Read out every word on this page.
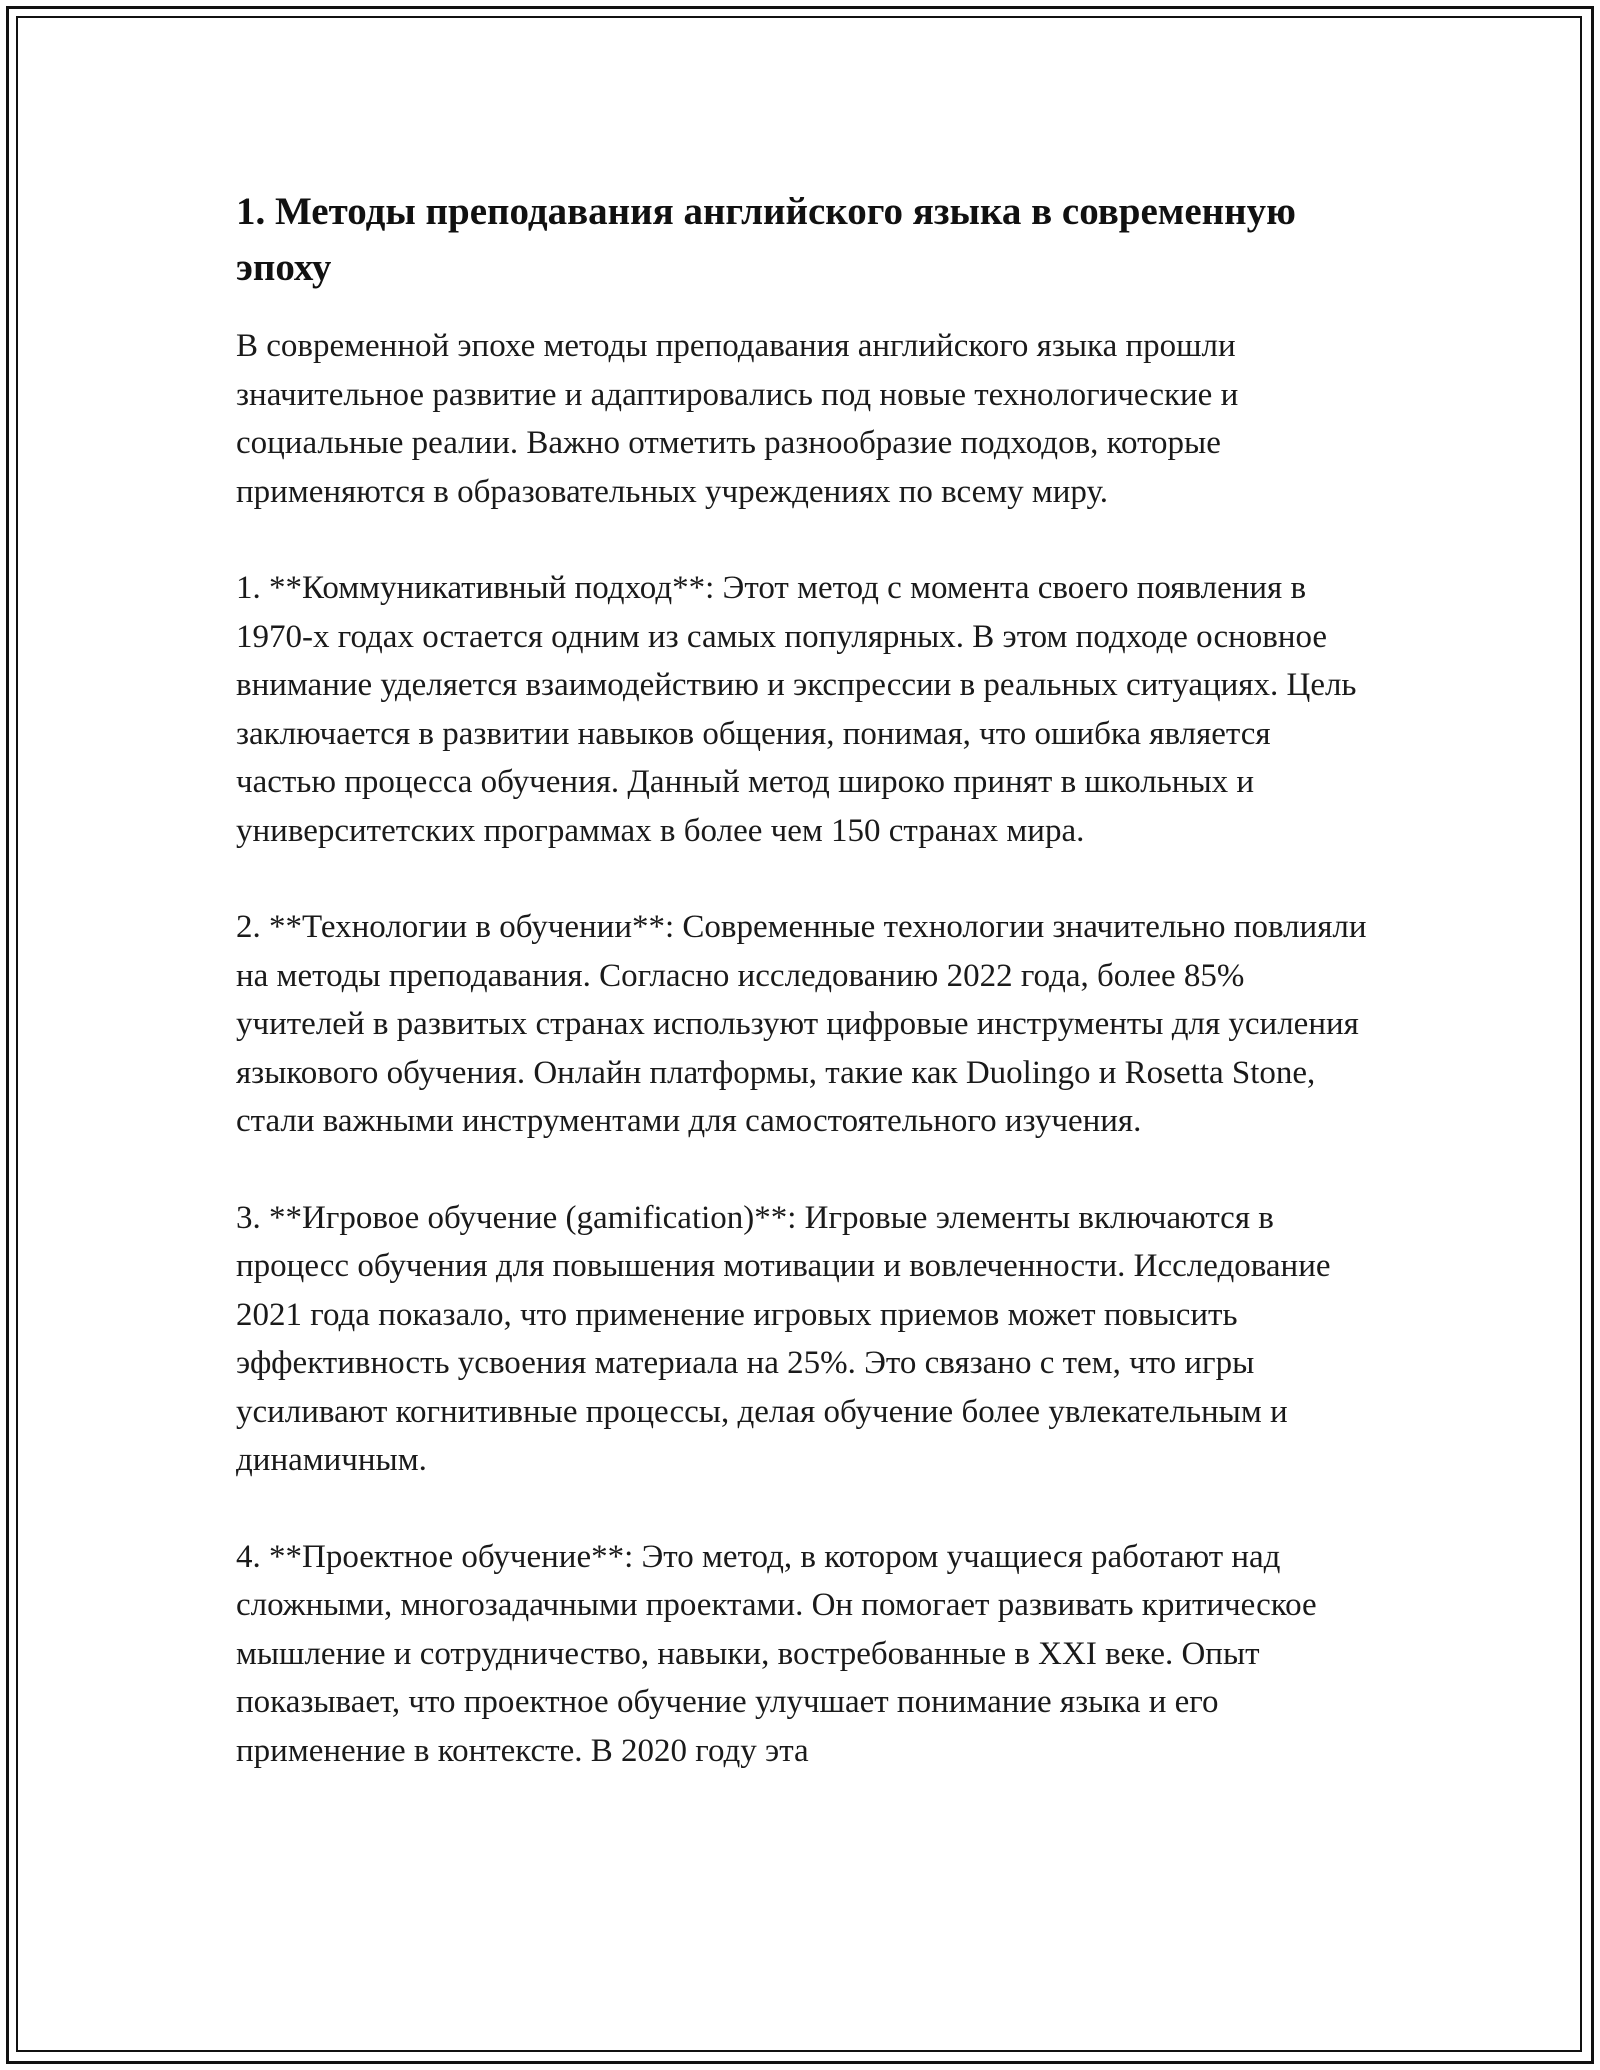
1. Методы преподавания английского языка в современную эпоху

В современной эпохе методы преподавания английского языка прошли значительное развитие и адаптировались под новые технологические и социальные реалии. Важно отметить разнообразие подходов, которые применяются в образовательных учреждениях по всему миру.

1. **Коммуникативный подход**: Этот метод с момента своего появления в 1970-х годах остается одним из самых популярных. В этом подходе основное внимание уделяется взаимодействию и экспрессии в реальных ситуациях. Цель заключается в развитии навыков общения, понимая, что ошибка является частью процесса обучения. Данный метод широко принят в школьных и университетских программах в более чем 150 странах мира.

2. **Технологии в обучении**: Современные технологии значительно повлияли на методы преподавания. Согласно исследованию 2022 года, более 85% учителей в развитых странах используют цифровые инструменты для усиления языкового обучения. Онлайн платформы, такие как Duolingo и Rosetta Stone, стали важными инструментами для самостоятельного изучения.

3. **Игровое обучение (gamification)**: Игровые элементы включаются в процесс обучения для повышения мотивации и вовлеченности. Исследование 2021 года показало, что применение игровых приемов может повысить эффективность усвоения материала на 25%. Это связано с тем, что игры усиливают когнитивные процессы, делая обучение более увлекательным и динамичным.

4. **Проектное обучение**: Это метод, в котором учащиеся работают над сложными, многозадачными проектами. Он помогает развивать критическое мышление и сотрудничество, навыки, востребованные в XXI веке. Опыт показывает, что проектное обучение улучшает понимание языка и его применение в контексте. В 2020 году эта
